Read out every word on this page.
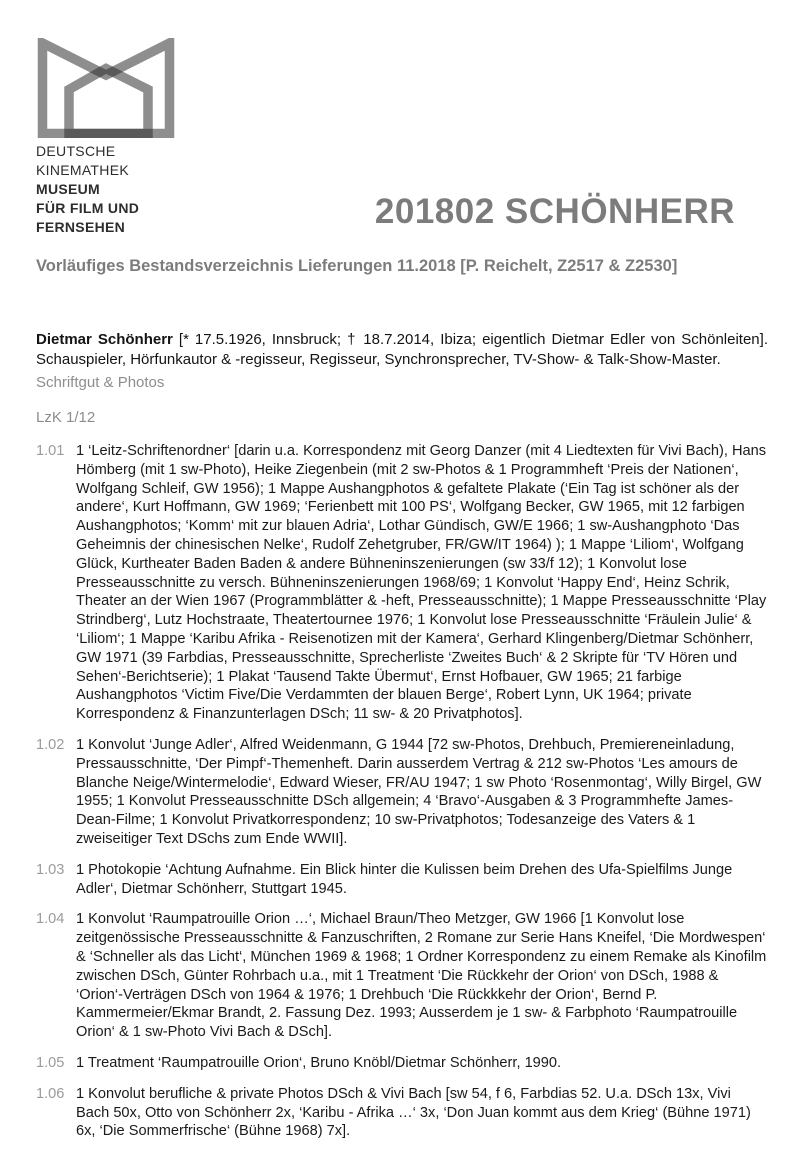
DEUTSCHE
KINEMATHEK
MUSEUM
FÜR FILM UND
FERNSEHEN	201802 SCHÖNHERR
Vorläufiges Bestandsverzeichnis Lieferungen 11.2018 [P. Reichelt, Z2517 & Z2530]

Dietmar Schönherr [* 17.5.1926, Innsbruck; † 18.7.2014, Ibiza; eigentlich Dietmar Edler von Schönleiten]. Schauspieler, Hörfunkautor & -regisseur, Regisseur, Synchronsprecher, TV-Show- & Talk-Show-Master.

Schriftgut & Photos
LzK 1/12
1.01 1 ‘Leitz-Schriftenordner‘ [darin u.a. Korrespondenz mit Georg Danzer (mit 4 Liedtexten für Vivi Bach), Hans Hömberg (mit 1 sw-Photo), Heike Ziegenbein (mit 2 sw-Photos & 1 Programmheft ‘Preis der Nationen‘, Wolfgang Schleif, GW 1956); 1 Mappe Aushangphotos & gefaltete Plakate (‘Ein Tag ist schöner als der andere‘, Kurt Hoffmann, GW 1969; ‘Ferienbett mit 100 PS‘, Wolfgang Becker, GW 1965, mit 12 farbigen Aushangphotos; ‘Komm‘ mit zur blauen Adria‘, Lothar Gündisch, GW/E 1966; 1 sw-Aushangphoto ‘Das Geheimnis der chinesischen Nelke‘, Rudolf Zehetgruber, FR/GW/IT 1964) ); 1 Mappe ‘Liliom‘, Wolfgang Glück, Kurtheater Baden Baden & andere Bühneninszenierungen (sw 33/f 12); 1 Konvolut lose Presseausschnitte zu versch. Bühneninszenierungen 1968/69; 1 Konvolut ‘Happy End‘, Heinz Schrik, Theater an der Wien 1967 (Programmblätter & -heft, Presseausschnitte); 1 Mappe Presseausschnitte ‘Play Strindberg‘, Lutz Hochstraate, Theatertournee 1976; 1 Konvolut lose Presseausschnitte ‘Fräulein Julie‘ & ‘Liliom‘; 1 Mappe ‘Karibu Afrika - Reisenotizen mit der Kamera‘, Gerhard Klingenberg/Dietmar Schönherr, GW 1971 (39 Farbdias, Presseausschnitte, Sprecherliste ‘Zweites Buch‘ & 2 Skripte für ‘TV Hören und Sehen‘-Berichtserie); 1 Plakat ‘Tausend Takte Übermut‘, Ernst Hofbauer, GW 1965; 21 farbige Aushangphotos ‘Victim Five/Die Verdammten der blauen Berge‘, Robert Lynn, UK 1964; private Korrespondenz & Finanzunterlagen DSch; 11 sw- & 20 Privatphotos].
1.02 1 Konvolut ‘Junge Adler‘, Alfred Weidenmann, G 1944 [72 sw-Photos, Drehbuch, Premiereneinladung, Pressausschnitte, ‘Der Pimpf‘-Themenheft. Darin ausserdem Vertrag & 212 sw-Photos ‘Les amours de Blanche Neige/Wintermelodie‘, Edward Wieser, FR/AU 1947; 1 sw Photo ‘Rosenmontag‘, Willy Birgel, GW 1955; 1 Konvolut Presseausschnitte DSch allgemein; 4 ‘Bravo‘-Ausgaben & 3 Programmhefte James-Dean-Filme; 1 Konvolut Privatkorrespondenz; 10 sw-Privatphotos; Todesanzeige des Vaters & 1 zweiseitiger Text DSchs zum Ende WWII].
1.03 1 Photokopie ‘Achtung Aufnahme. Ein Blick hinter die Kulissen beim Drehen des Ufa-Spielfilms Junge Adler‘, Dietmar Schönherr, Stuttgart 1945.
1.04 1 Konvolut ‘Raumpatrouille Orion …‘, Michael Braun/Theo Metzger, GW 1966 [1 Konvolut lose zeitgenössische Presseausschnitte & Fanzuschriften, 2 Romane zur Serie Hans Kneifel, ‘Die Mordwespen‘ & ‘Schneller als das Licht‘, München 1969 & 1968; 1 Ordner Korrespondenz zu einem Remake als Kinofilm zwischen DSch, Günter Rohrbach u.a., mit 1 Treatment ‘Die Rückkehr der Orion‘ von DSch, 1988 & ‘Orion‘-Verträgen DSch von 1964 & 1976; 1 Drehbuch ‘Die Rückkkehr der Orion‘, Bernd P. Kammermeier/Ekmar Brandt, 2. Fassung Dez. 1993; Ausserdem je 1 sw- & Farbphoto ‘Raumpatrouille Orion‘ & 1 sw-Photo Vivi Bach & DSch].
1.05 1 Treatment ‘Raumpatrouille Orion‘, Bruno Knöbl/Dietmar Schönherr, 1990.
1.06 1 Konvolut berufliche & private Photos DSch & Vivi Bach [sw 54, f 6, Farbdias 52. U.a. DSch 13x, Vivi Bach 50x, Otto von Schönherr 2x, ‘Karibu - Afrika …‘ 3x, ‘Don Juan kommt aus dem Krieg‘ (Bühne 1971) 6x, ‘Die Sommerfrische‘ (Bühne 1968) 7x].
